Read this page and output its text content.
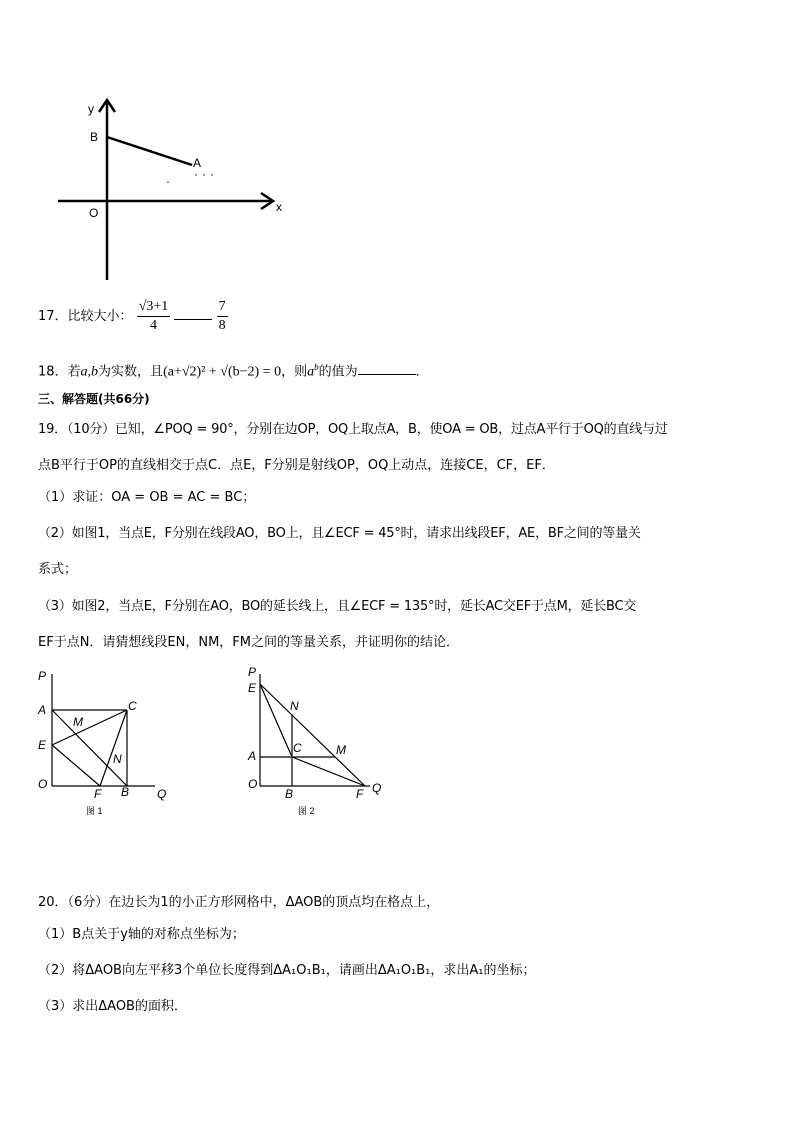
y
x
B
A
O
17．比较大小： $\frac{√3+1}{4}$
	$\frac{7}{8}$
18．若a,b为实数，且(a+√2)² + √(b−2) = 0，则$a^b$的值为	．
三、解答题(共66分)
19．（10分）已知，∠POQ = 90°，分别在边OP，OQ上取点A，B，使OA = OB，过点A平行于OQ的直线与过
点B平行于OP的直线相交于点C．点E，F分别是射线OP，OQ上动点，连接CE，CF，EF．
（1）求证：OA = OB = AC = BC；
（2）如图1，当点E，F分别在线段AO，BO上，且∠ECF = 45°时，请求出线段EF，AE，BF之间的等量关
系式；
（3）如图2，当点E，F分别在AO，BO的延长线上，且∠ECF = 135°时，延长AC交EF于点M，延长BC交
EF于点N．请猜想线段EN，NM，FM之间的等量关系，并证明你的结论．
P
A
M
C
E
N
O
F B Q
图 1
P
E
N
C	M
A
O
B	F Q
图 2
20．（6分）在边长为1的小正方形网格中，ΔAOB的顶点均在格点上，
（1）B点关于y轴的对称点坐标为；
（2）将ΔAOB向左平移3个单位长度得到ΔA₁O₁B₁，请画出ΔA₁O₁B₁，求出A₁的坐标；
（3）求出ΔAOB的面积．
